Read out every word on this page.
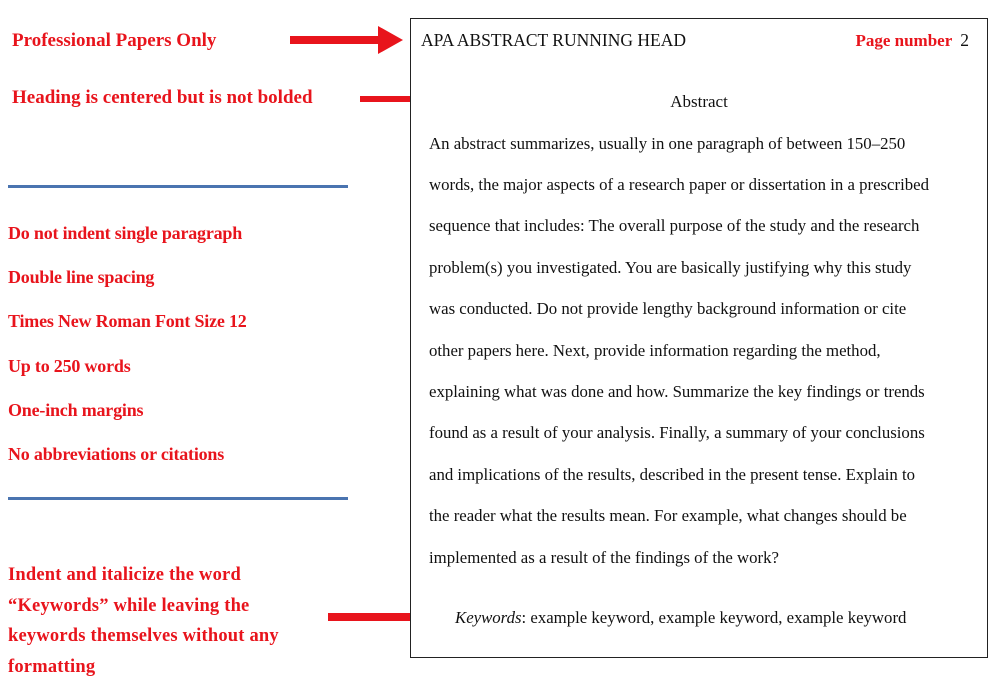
Professional Papers Only
Heading is centered but is not bolded
Do not indent single paragraph
Double line spacing
Times New Roman Font Size 12
Up to 250 words
One-inch margins
No abbreviations or citations
Indent and italicize the word
“Keywords” while leaving the
keywords themselves without any
formatting
APA ABSTRACT RUNNING HEAD	Page number 2
Abstract
An abstract summarizes, usually in one paragraph of between 150–250
words, the major aspects of a research paper or dissertation in a prescribed
sequence that includes: The overall purpose of the study and the research
problem(s) you investigated. You are basically justifying why this study
was conducted. Do not provide lengthy background information or cite
other papers here. Next, provide information regarding the method,
explaining what was done and how. Summarize the key findings or trends
found as a result of your analysis. Finally, a summary of your conclusions
and implications of the results, described in the present tense. Explain to
the reader what the results mean. For example, what changes should be
implemented as a result of the findings of the work?
Keywords: example keyword, example keyword, example keyword
